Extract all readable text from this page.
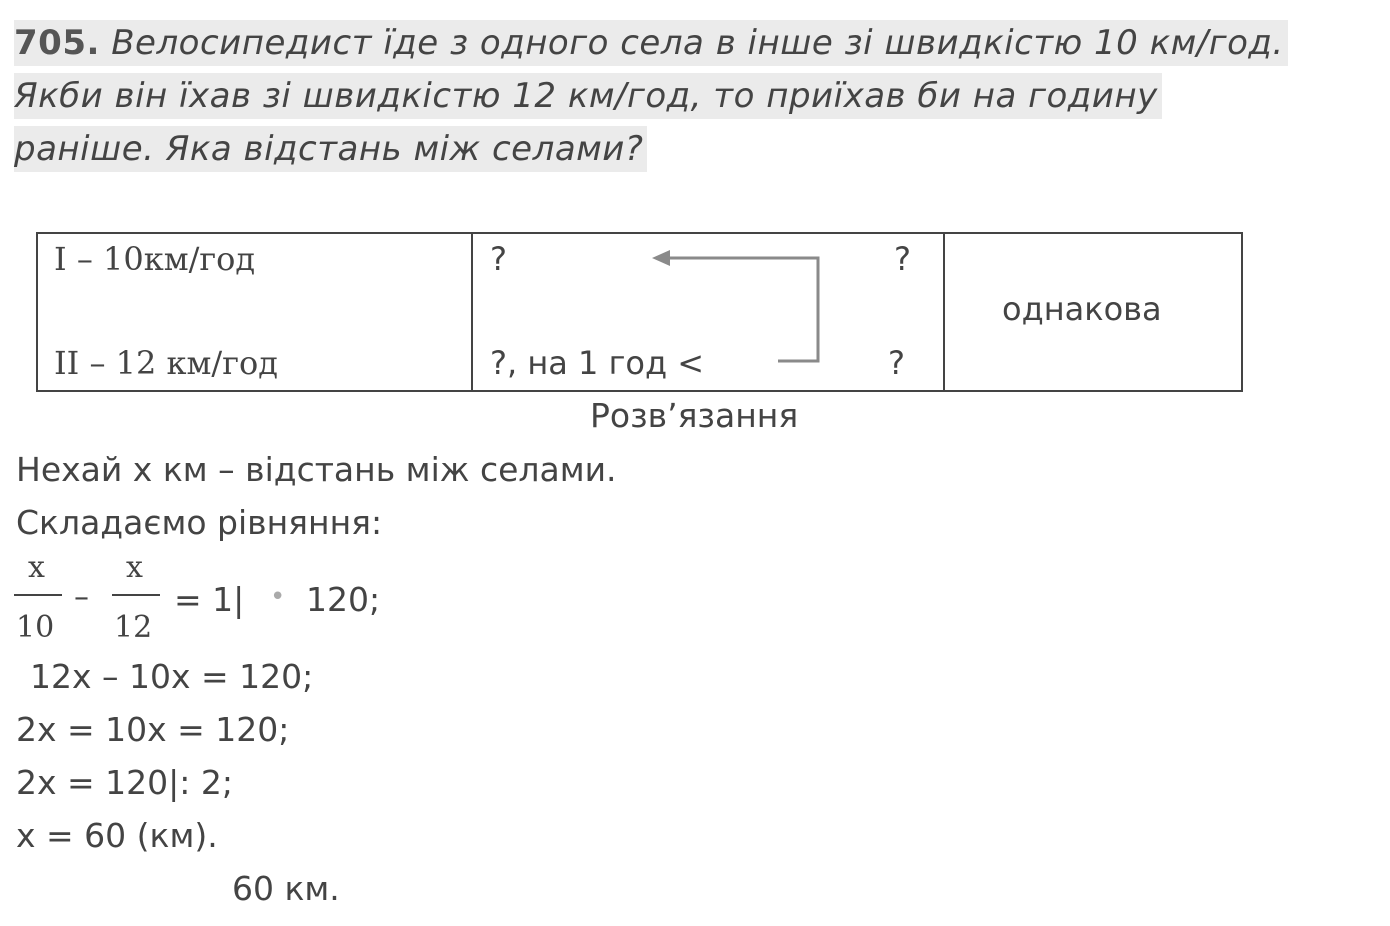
705. Велосипедист їде з одного села в інше зі швидкістю 10 км/год.
Якби він їхав зі швидкістю 12 км/год, то приїхав би на годину
раніше. Яка відстань між селами?
I – 10км/год
II – 12 км/год
?
?, на 1 год <
?
?
однакова
Розв’язання
Нехай x км – відстань між селами.
Складаємо рівняння:
x
10
–
x
12
= 1| • 120;
12x – 10x = 120;
2x = 10x = 120;
2x = 120|: 2;
x = 60 (км).
60 км.
